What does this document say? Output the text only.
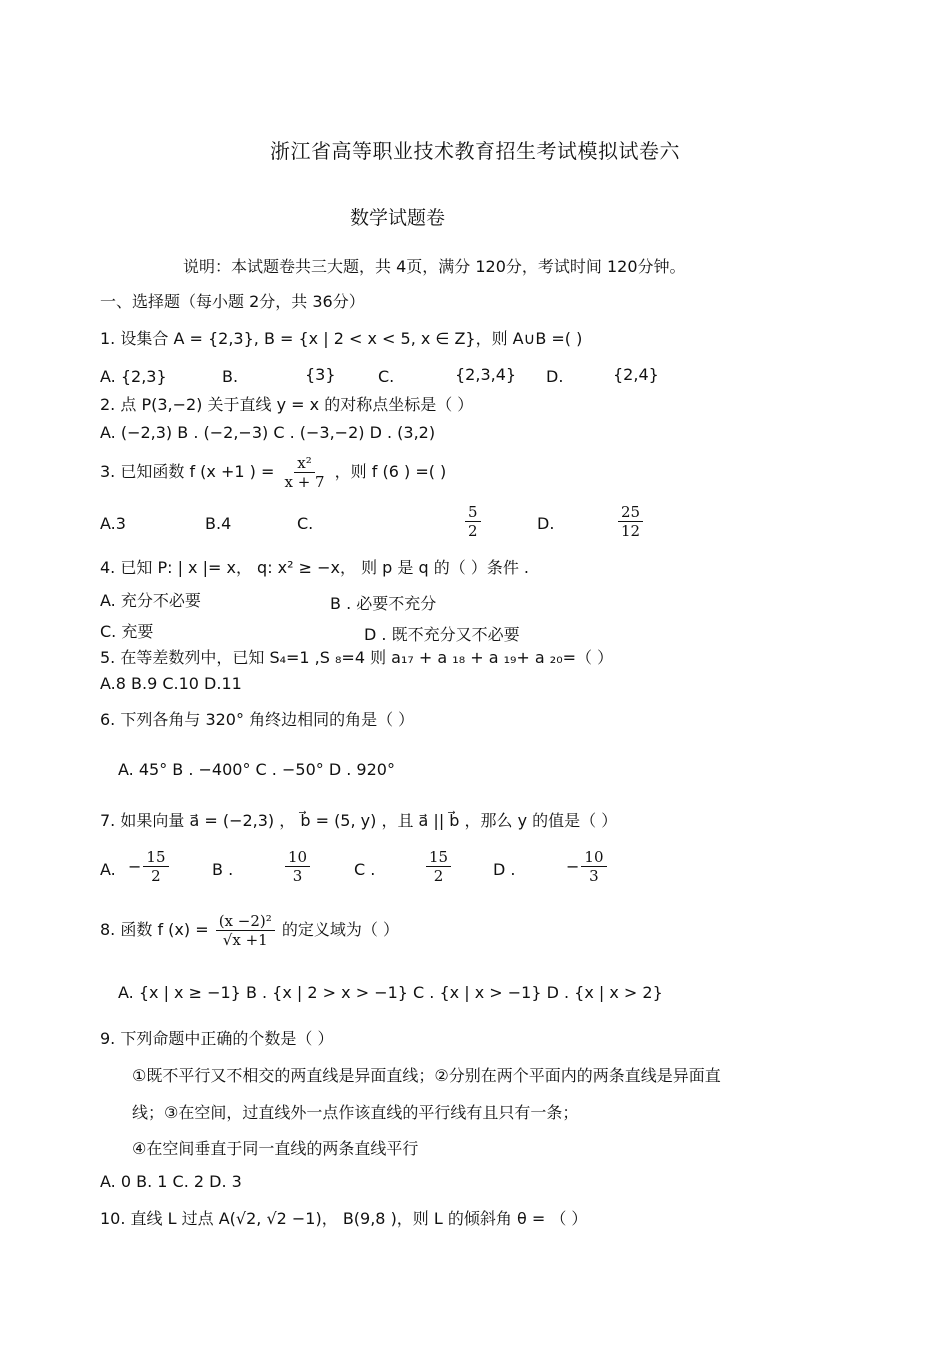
浙江省高等职业技术教育招生考试模拟试卷六
数学试题卷
说明：本试题卷共三大题，共 4页，满分 120分，考试时间 120分钟。
一、选择题（每小题 2分，共 36分）
1. 设集合 A = {2,3}, B = {x | 2 < x < 5, x ∈ Z}，则 A∪B =( )
A. {2,3}	B.	{3}	C.	{2,3,4} D.	{2,4}
2. 点 P(3,−2) 关于直线 y = x 的对称点坐标是（ ）
A. (−2,3) B . (−2,−3) C . (−3,−2) D . (3,2)
3. 已知函数 f (x +1 ) = $\frac{\text{x²}}{x + 7}$ ，则 f (6 ) =( )
A.3	B.4	C.	$\frac{5}{2}$	D.	$\frac{25}{12}$
4. 已知 P: | x |= x， q: x² ≥ −x， 则 p 是 q 的（ ）条件 .
A. 充分不必要	B . 必要不充分
C. 充要	D . 既不充分又不必要
5. 在等差数列中，已知 S₄=1 ,S ₈=4 则 a₁₇ + a ₁₈ + a ₁₉+ a ₂₀=（ ）
A.8 B.9 C.10 D.11
6. 下列各角与 320° 角终边相同的角是（ ）
A. 45° B . −400° C . −50° D . 920°
7. 如果向量 a⃗ = (−2,3) ， b⃗ = (5, y) ，且 a⃗ || b⃗ ，那么 y 的值是（ ）
A. − $\frac{15}{2}$	B .	$\frac{10}{3}$	C .	$\frac{15}{2}$	D .	− $\frac{10}{3}$
8. 函数 f $(x) = \frac{\text{(x −2)²}}{√x +1}$ 的定义域为（ ）
A. {x | x ≥ −1} B . {x | 2 > x > −1} C . {x | x > −1} D . {x | x > 2}
9. 下列命题中正确的个数是（ ）
①既不平行又不相交的两直线是异面直线；②分别在两个平面内的两条直线是异面直
线；③在空间，过直线外一点作该直线的平行线有且只有一条；
④在空间垂直于同一直线的两条直线平行
A. 0 B. 1 C. 2 D. 3
10. 直线 L 过点 A(√2, √2 −1)， B(9,8 )，则 L 的倾斜角 θ = （ ）
